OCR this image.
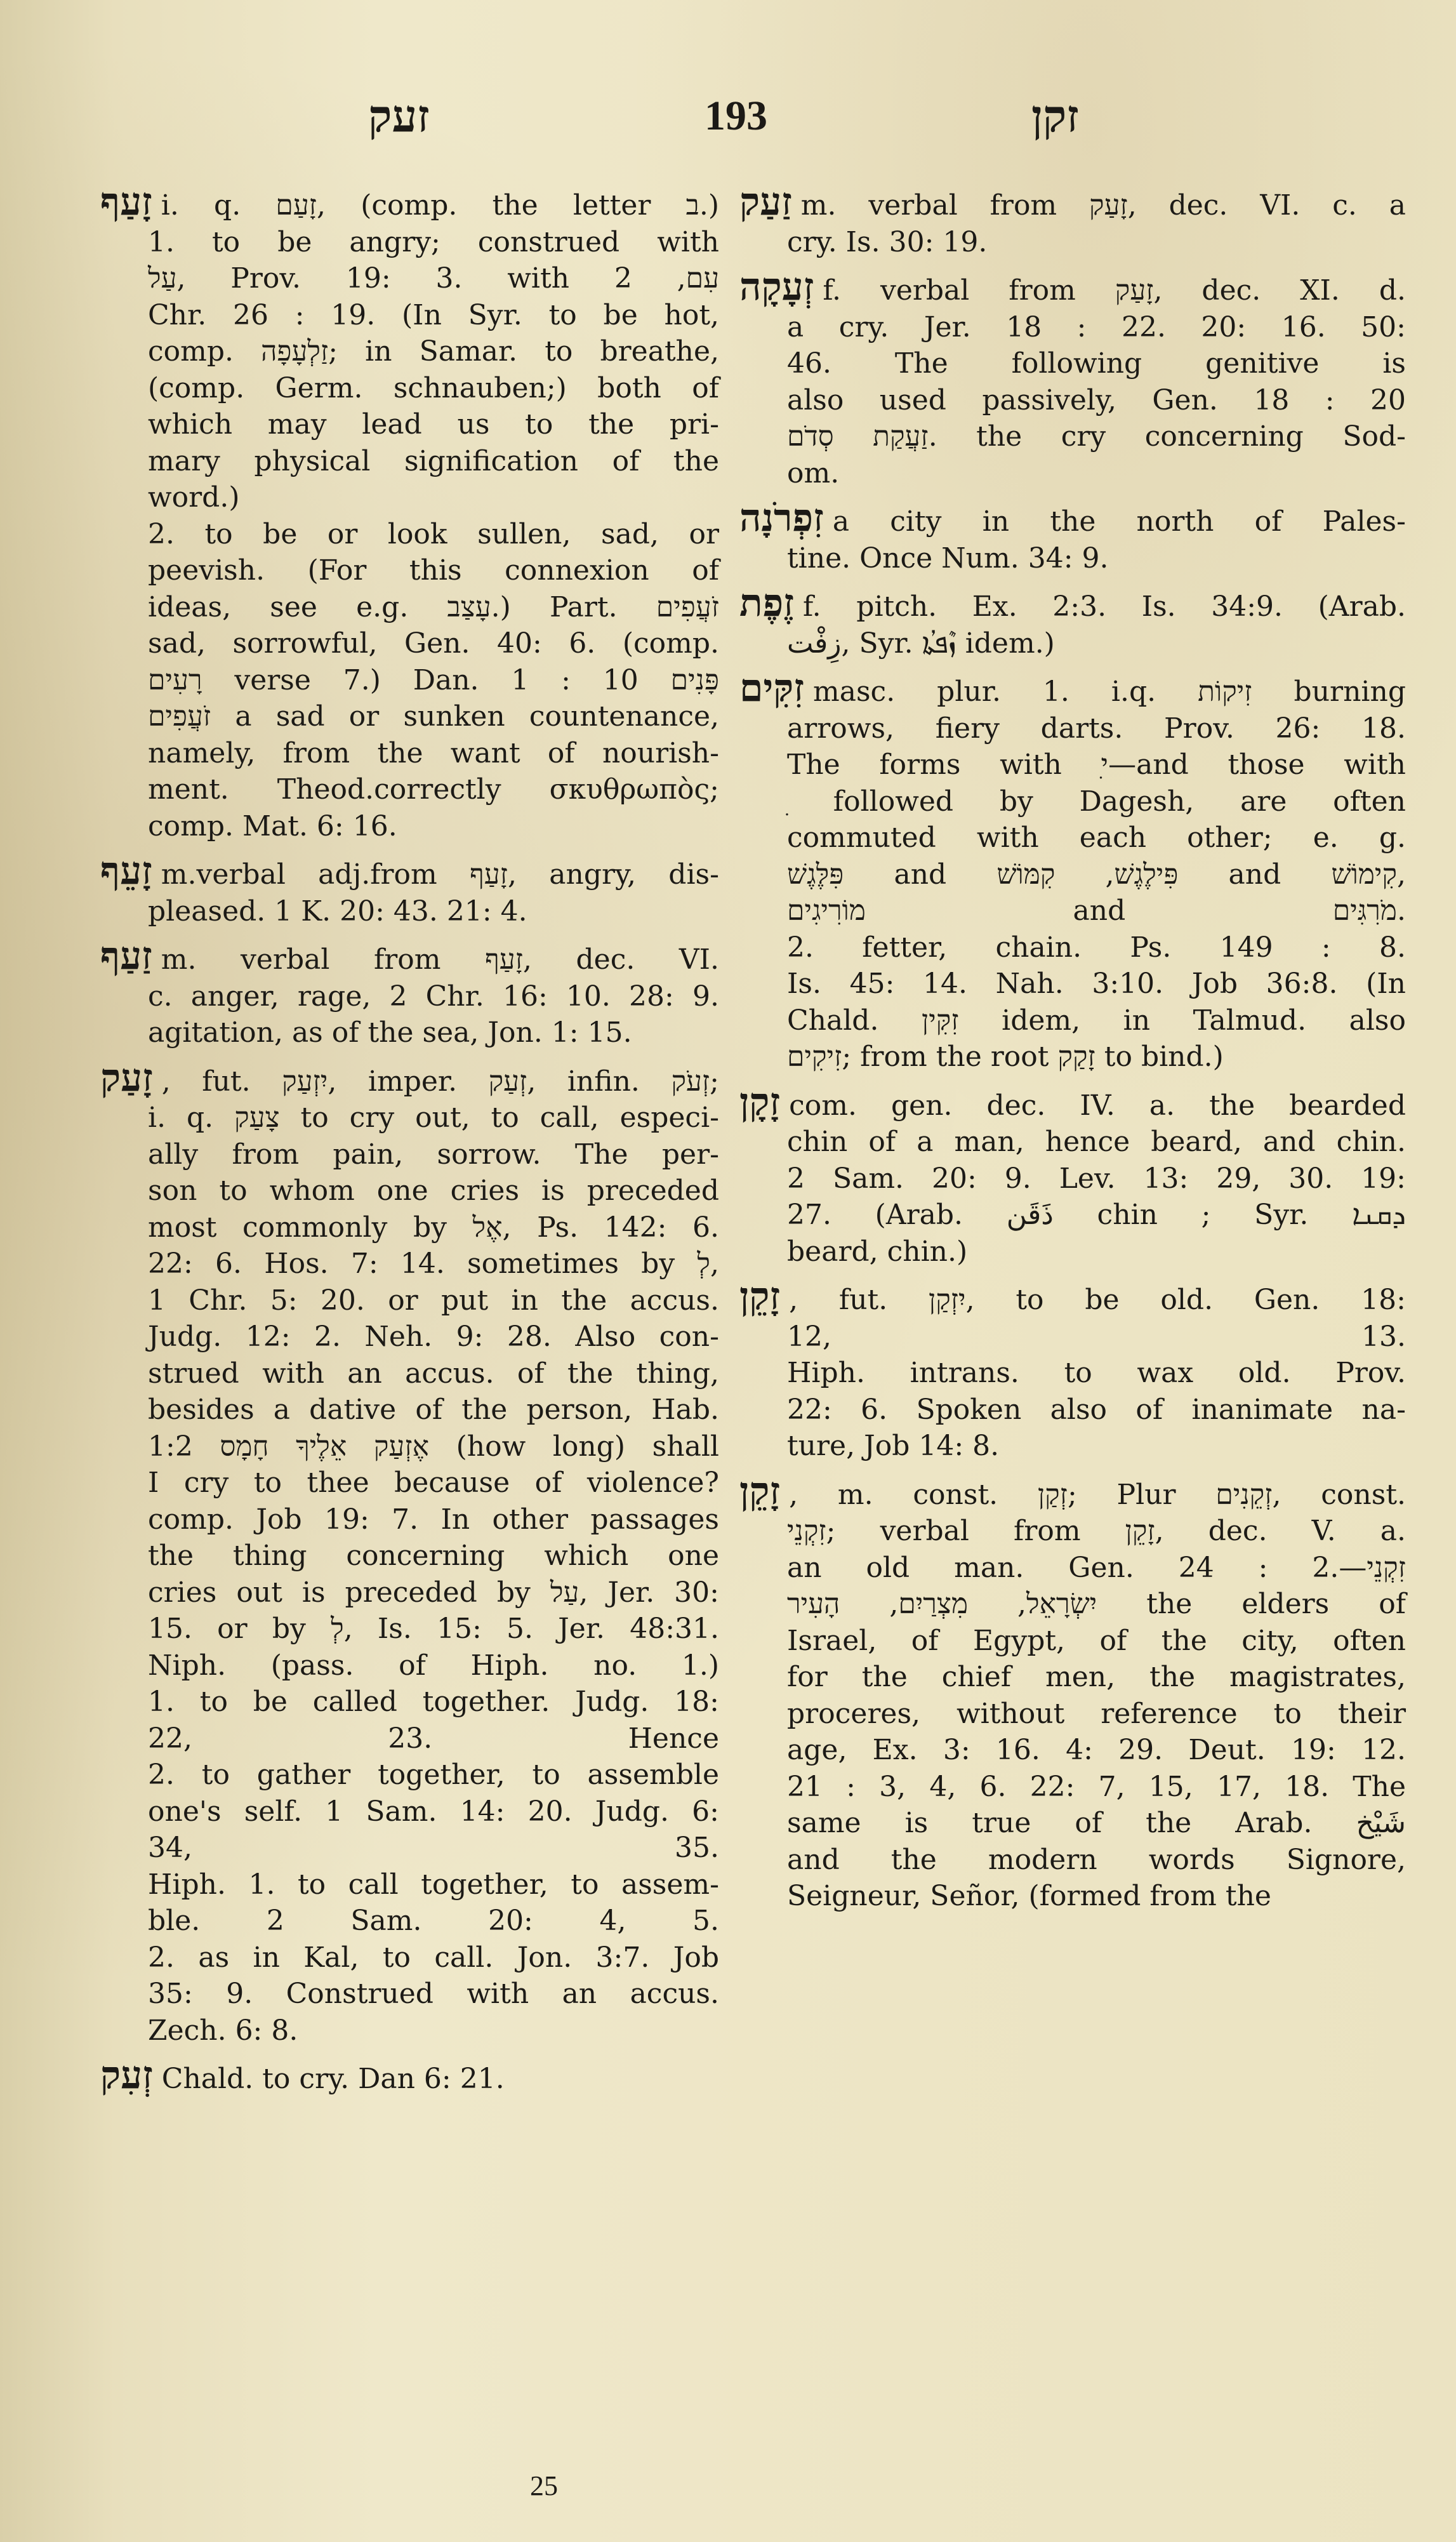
זעק	193	זקן
זָעַף i. q. זָעַם, (comp. the letter ב.)
1. to be angry; construed with
עַל, Prov. 19: 3. with עִם, 2
Chr. 26 : 19. (In Syr. to be hot,
comp. זַלְעָפָה; in Samar. to breathe,
(comp. Germ. schnauben;) both of
which may lead us to the pri-
mary physical signification of the
word.)
2. to be or look sullen, sad, or
peevish. (For this connexion of
ideas, see e.g. עָצַב.) Part. זֹעֲפִים
sad, sorrowful, Gen. 40: 6. (comp.
רָעִים verse 7.) Dan. 1 : 10 פָּנִים
זֹעֲפִים a sad or sunken countenance,
namely, from the want of nourish-
ment. Theod.correctly σκυθρωπὸς;
comp. Mat. 6: 16.
זָעֵף m.verbal adj.from זָעַף, angry, dis-
pleased. 1 K. 20: 43. 21: 4.
זַעַף m. verbal from זָעַף, dec. VI.
c. anger, rage, 2 Chr. 16: 10. 28: 9.
agitation, as of the sea, Jon. 1: 15.
זָעַק , fut. יִזְעַק, imper. זְעַק, infin. זְעֹק;
i. q. צָעַק to cry out, to call, especi-
ally from pain, sorrow. The per-
son to whom one cries is preceded
most commonly by אֶל, Ps. 142: 6.
22: 6. Hos. 7: 14. sometimes by לְ,
1 Chr. 5: 20. or put in the accus.
Judg. 12: 2. Neh. 9: 28. Also con-
strued with an accus. of the thing,
besides a dative of the person, Hab.
1:2 אֶזְעַק אֵלֶיךָ חָמָס (how long) shall
I cry to thee because of violence?
comp. Job 19: 7. In other passages
the thing concerning which one
cries out is preceded by עַל, Jer. 30:
15. or by לְ, Is. 15: 5. Jer. 48:31.
Niph. (pass. of Hiph. no. 1.)
1. to be called together. Judg. 18:
22, 23. Hence
2. to gather together, to assemble
one's self. 1 Sam. 14: 20. Judg. 6:
34, 35.
Hiph. 1. to call together, to assem-
ble. 2 Sam. 20: 4, 5.
2. as in Kal, to call. Jon. 3:7. Job
35: 9. Construed with an accus.
Zech. 6: 8.
זְעִק Chald. to cry. Dan 6: 21.
זַעַק m. verbal from זָעַק, dec. VI. c. a
cry. Is. 30: 19.
זְעָקָה f. verbal from זָעַק, dec. XI. d.
a cry. Jer. 18 : 22. 20: 16. 50:
46. The following genitive is
also used passively, Gen. 18 : 20
זַעֲקַת סְדֹם. the cry concerning Sod-
om.
זִפְרֹנָה a city in the north of Pales-
tine. Once Num. 34: 9.
זֶפֶת f. pitch. Ex. 2:3. Is. 34:9. (Arab.
زِفْت, Syr. ܙܶܦܬܳܐ idem.)
זִקִּים masc. plur. 1. i.q. זִיקוֹת burning
arrows, fiery darts. Prov. 26: 18.
The forms with ִי—and those with
ִ followed by Dagesh, are often
commuted with each other; e. g.
פִּלֶּגֶשׁ and פִּילֶגֶשׁ, קִמּוֹשׁ and קִימוֹשׁ,
מוֹרִיגִים and מֹרִגִּים.
2. fetter, chain. Ps. 149 : 8.
Is. 45: 14. Nah. 3:10. Job 36:8. (In
Chald. זִקִּין idem, in Talmud. also
זִיקִים; from the root זָקַק to bind.)
זָקָן com. gen. dec. IV. a. the bearded
chin of a man, hence beard, and chin.
2 Sam. 20: 9. Lev. 13: 29, 30. 19:
27. (Arab. ذَقَن chin ; Syr. ܕܩܢܐ
beard, chin.)
זָקֵן , fut. יִזְקַן, to be old. Gen. 18:
12, 13.
Hiph. intrans. to wax old. Prov.
22: 6. Spoken also of inanimate na-
ture, Job 14: 8.
זָקֵן , m. const. זְקַן; Plur זְקֵנִים, const.
זִקְנֵי; verbal from זָקֵן, dec. V. a.
an old man. Gen. 24 : 2.—זִקְנֵי
יִשְׂרָאֵל, מִצְרַיִם, הָעִיר the elders of
Israel, of Egypt, of the city, often
for the chief men, the magistrates,
proceres, without reference to their
age, Ex. 3: 16. 4: 29. Deut. 19: 12.
21 : 3, 4, 6. 22: 7, 15, 17, 18. The
same is true of the Arab. شَيْخ
and the modern words Signore,
Seigneur, Señor, (formed from the
25
